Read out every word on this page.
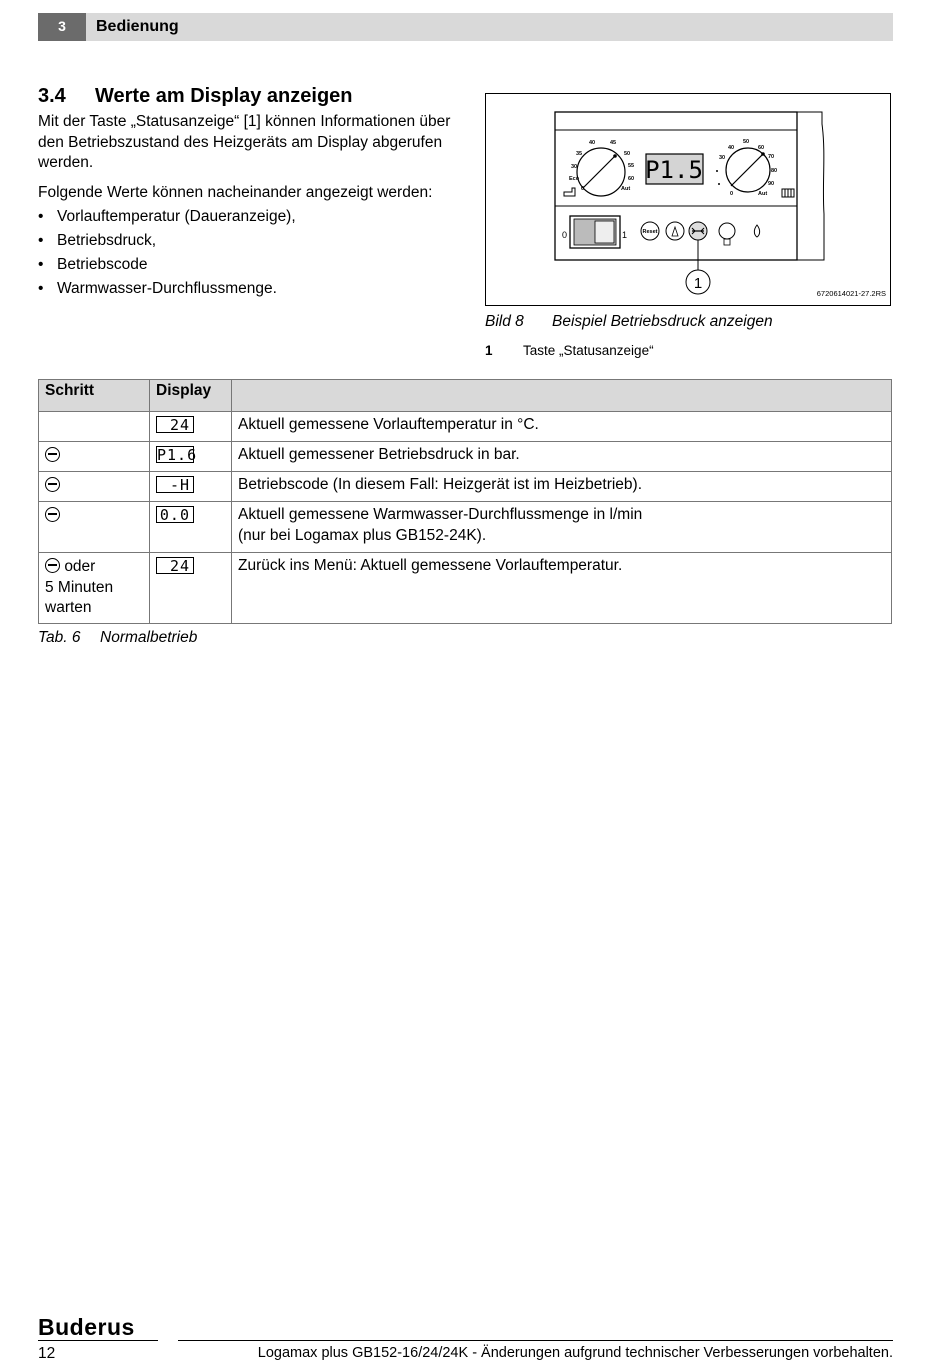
3	Bedienung
3.4 Werte am Display anzeigen
Mit der Taste „Statusanzeige“ [1] können Informationen über den Betriebszustand des Heizgeräts am Display abgerufen werden.
Folgende Werte können nacheinander angezeigt werden:
• Vorlauftemperatur (Daueranzeige),
• Betriebsdruck,
• Betriebscode
• Warmwasser-Durchflussmenge.
40	45
50
35
55
30
60
Eco
0	Aut
P1.5
50
40	60
30	70
80
90
0	Aut
0	1	Reset
1
6720614021-27.2RS
Bild 8 Beispiel Betriebsdruck anzeigen
1 Taste „Statusanzeige“
Schritt	Display	
	24	Aktuell gemessene Vorlauftemperatur in °C.
	P1.6	Aktuell gemessener Betriebsdruck in bar.
	-H	Betriebscode (In diesem Fall: Heizgerät ist im Heizbetrieb).
	0.0	Aktuell gemessene Warmwasser-Durchflussmenge in l/min
(nur bei Logamax plus GB152-24K).

oder
5 Minuten
warten	24	Zurück ins Menü: Aktuell gemessene Vorlauftemperatur.
Tab. 6 Normalbetrieb
Buderus
12	Logamax plus GB152-16/24/24K - Änderungen aufgrund technischer Verbesserungen vorbehalten.
